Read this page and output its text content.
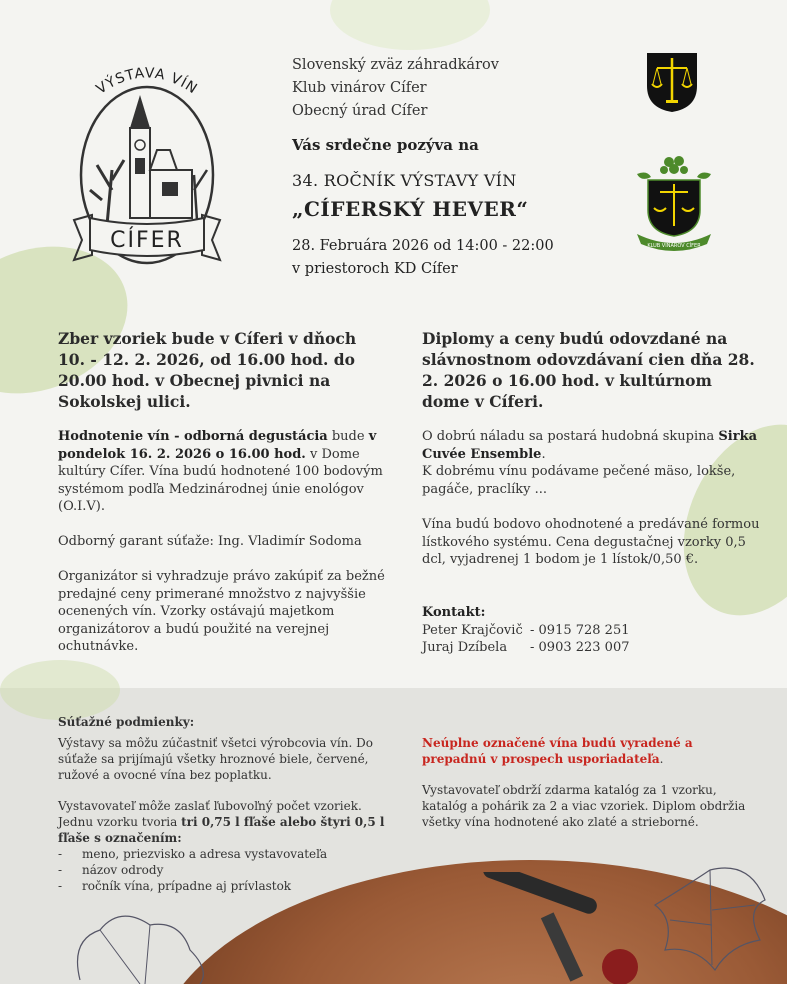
VÝSTAVA VÍN
CÍFER
Slovenský zväz záhradkárov
Klub vinárov Cífer
Obecný úrad Cífer
Vás srdečne pozýva na
34. ROČNÍK VÝSTAVY VÍN
„CÍFERSKÝ HEVER“
28. Februára 2026 od 14:00 - 22:00
v priestoroch KD Cífer
KLUB VINÁROV CÍFER
Zber vzoriek bude v Cíferi v dňoch 10. - 12. 2. 2026, od 16.00 hod. do 20.00 hod. v Obecnej pivnici na Sokolskej ulici.
Hodnotenie vín - odborná degustácia bude v pondelok 16. 2. 2026 o 16.00 hod. v Dome kultúry Cífer. Vína budú hodnotené 100 bodovým systémom podľa Medzinárodnej únie enológov (O.I.V).
Odborný garant súťaže: Ing. Vladimír Sodoma
Organizátor si vyhradzuje právo zakúpiť za bežné predajné ceny primerané množstvo z najvyššie ocenených vín. Vzorky ostávajú majetkom organizátorov a budú použité na verejnej ochutnávke.
Diplomy a ceny budú odovzdané na slávnostnom odovzdávaní cien dňa 28. 2. 2026 o 16.00 hod. v kultúrnom dome v Cíferi.
O dobrú náladu sa postará hudobná skupina Sirka Cuvée Ensemble.
K dobrému vínu podávame pečené mäso, lokše, pagáče, praclíky ...
Vína budú bodovo ohodnotené a predávané formou lístkového systému. Cena degustačnej vzorky 0,5 dcl, vyjadrenej 1 bodom je 1 lístok/0,50 €.
Kontakt:
Peter Krajčovič - 0915 728 251
Juraj Dzíbela	- 0903 223 007
Súťažné podmienky:
Výstavy sa môžu zúčastniť všetci výrobcovia vín. Do súťaže sa prijímajú všetky hroznové biele, červené, ružové a ovocné vína bez poplatku.
Vystavovateľ môže zaslať ľubovoľný počet vzoriek. Jednu vzorku tvoria tri 0,75 l fľaše alebo štyri 0,5 l fľaše s označením:
-	meno, priezvisko a adresa vystavovateľa
-	názov odrody
-	ročník vína, prípadne aj prívlastok
Neúplne označené vína budú vyradené a prepadnú v prospech usporiadateľa.
Vystavovateľ obdrží zdarma katalóg za 1 vzorku, katalóg a pohárik za 2 a viac vzoriek. Diplom obdržia všetky vína hodnotené ako zlaté a strieborné.
